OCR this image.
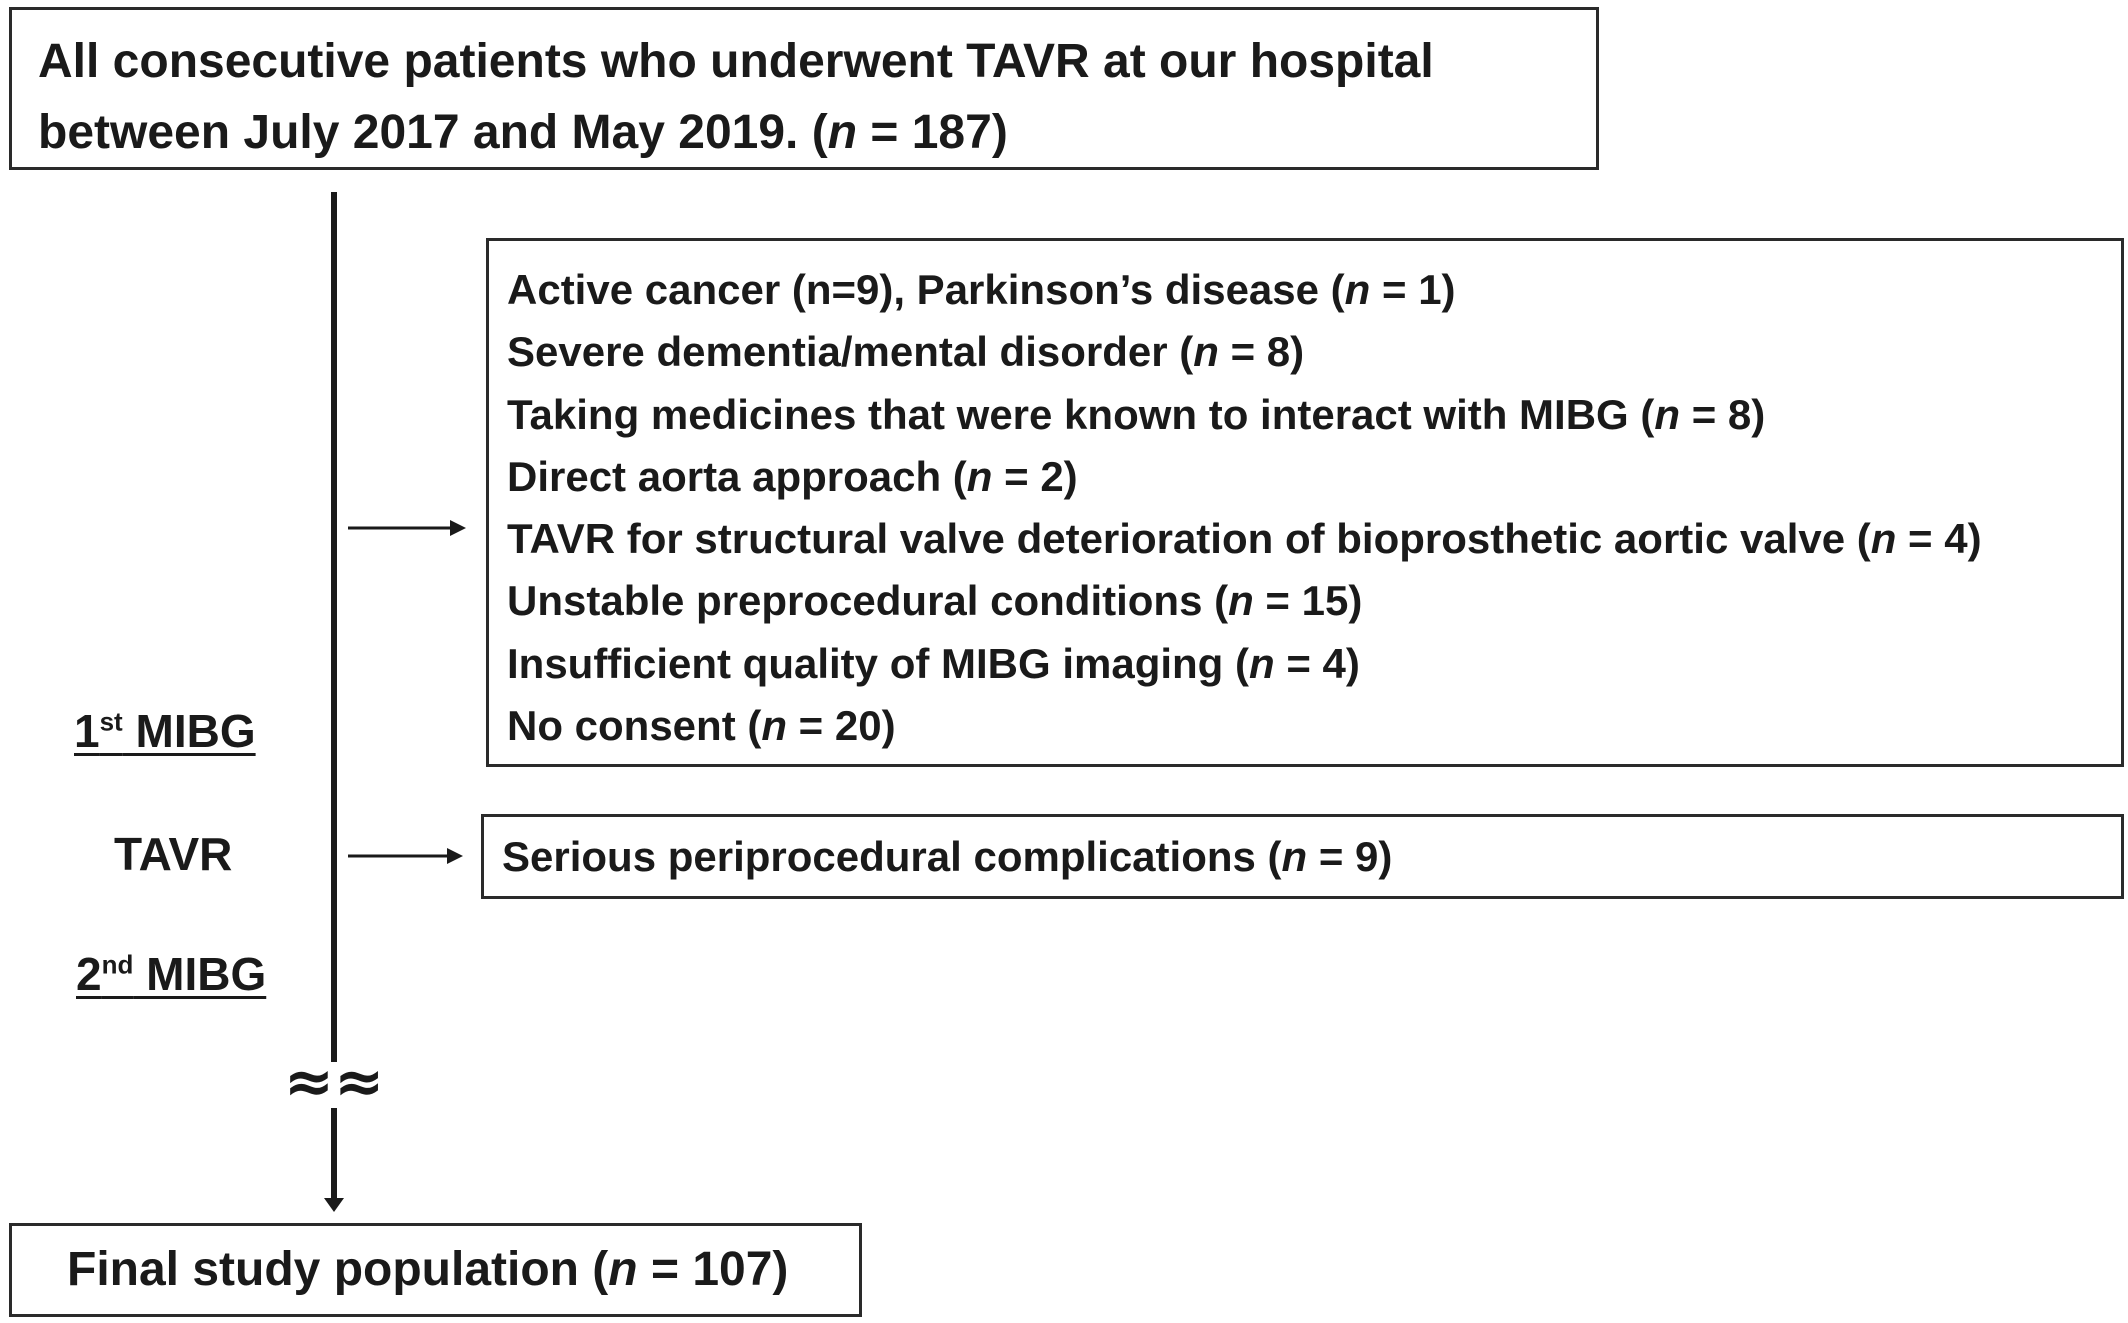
≈≈
All consecutive patients who underwent TAVR at our hospital
between July 2017 and May 2019. (n = 187)
Active cancer (n=9), Parkinson’s disease (n = 1)
Severe dementia/mental disorder (n = 8)
Taking medicines that were known to interact with MIBG (n = 8)
Direct aorta approach (n = 2)
TAVR for structural valve deterioration of bioprosthetic aortic valve (n = 4)
Unstable preprocedural conditions (n = 15)
Insufficient quality of MIBG imaging (n = 4)
No consent (n = 20)
1st MIBG
TAVR
2nd MIBG
Serious periprocedural complications (n = 9)
Final study population (n = 107)
